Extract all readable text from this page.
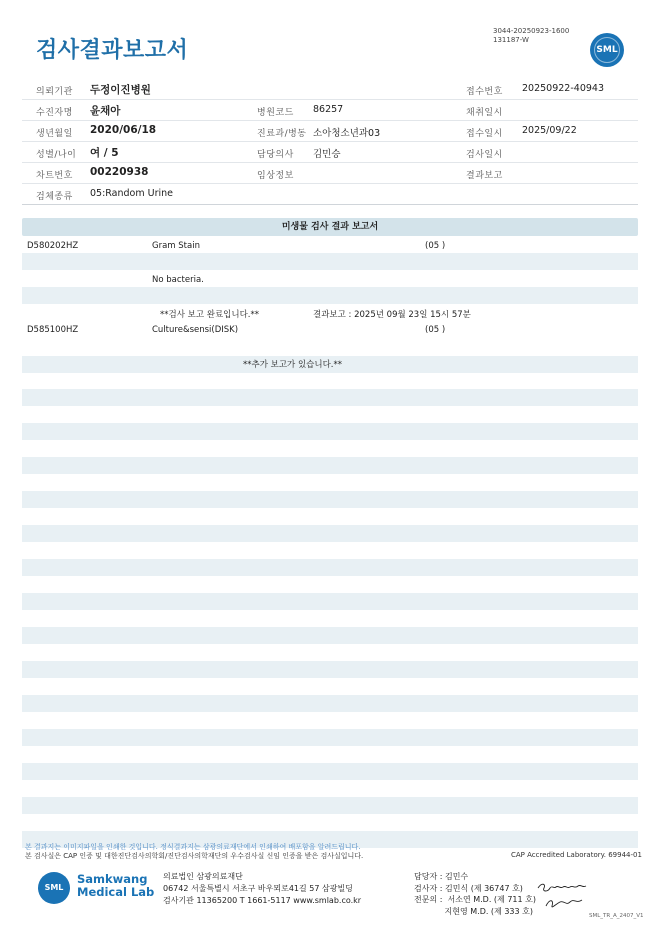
검사결과보고서
3044-20250923-1600
131187-W
SML
의뢰기관 두정이진병원	접수번호 20250922-40943
수진자명 윤채아	병원코드 86257	채취일시
생년월일 2020/06/18	진료과/병동 소아청소년과03	접수일시 2025/09/22
성별/나이 여 / 5	담당의사 김민승	검사일시
차트번호 00220938	임상정보	결과보고
검체종류 05:Random Urine
미생물 검사 결과 보고서
D580202HZ	Gram Stain	(05 )
No bacteria.
**검사 보고 완료입니다.**	결과보고 : 2025년 09월 23일 15시 57분
D585100HZ	Culture&sensi(DISK)	(05 )
**추가 보고가 있습니다.**
본 결과지는 이미지파일을 인쇄한 것입니다. 정식결과지는 삼광의료재단에서 인쇄하여 배포함을 알려드립니다.
본 검사실은 CAP 인증 및 대한진단검사의학회/진단검사의학재단의 우수검사실 신임 인증을 받은 검사실입니다.	CAP Accredited Laboratory. 69944-01
SML
Samkwang
Medical Lab
의료법인 삼광의료재단
06742 서울특별시 서초구 바우뫼로41길 57 삼광빌딩
검사기관 11365200 T 1661-5117 www.smlab.co.kr
담당자 : 김민수
검사자 : 김민식 (제 36747 호)
전문의 :  서소연 M.D. (제 711 호)
지현영 M.D. (제 333 호)
SML_TR_A_2407_V1
